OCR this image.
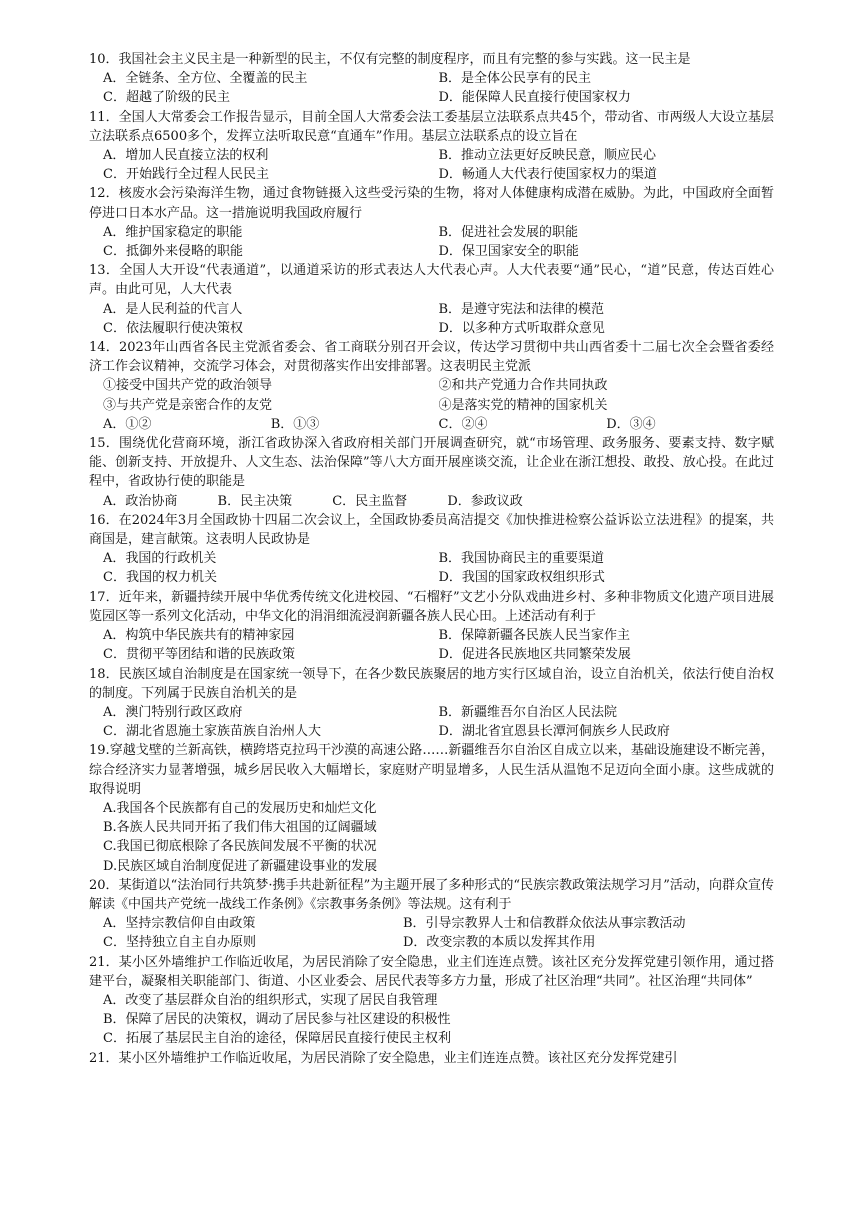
10．我国社会主义民主是一种新型的民主，不仅有完整的制度程序，而且有完整的参与实践。这一民主是
A．全链条、全方位、全覆盖的民主	B．是全体公民享有的民主
C．超越了阶级的民主	D．能保障人民直接行使国家权力
11．全国人大常委会工作报告显示，目前全国人大常委会法工委基层立法联系点共45个，带动省、市两级人大设立基层立法联系点6500多个，发挥立法听取民意“直通车”作用。基层立法联系点的设立旨在
A．增加人民直接立法的权利	B．推动立法更好反映民意，顺应民心
C．开始践行全过程人民民主	D．畅通人大代表行使国家权力的渠道
12．核废水会污染海洋生物，通过食物链摄入这些受污染的生物，将对人体健康构成潜在威胁。为此，中国政府全面暂停进口日本水产品。这一措施说明我国政府履行
A．维护国家稳定的职能	B．促进社会发展的职能
C．抵御外来侵略的职能	D．保卫国家安全的职能
13．全国人大开设“代表通道”，以通道采访的形式表达人大代表心声。人大代表要“通”民心，“道”民意，传达百姓心声。由此可见，人大代表
A．是人民利益的代言人	B．是遵守宪法和法律的模范
C．依法履职行使决策权	D．以多种方式听取群众意见
14．2023年山西省各民主党派省委会、省工商联分别召开会议，传达学习贯彻中共山西省委十二届七次全会暨省委经济工作会议精神，交流学习体会，对贯彻落实作出安排部署。这表明民主党派
①接受中国共产党的政治领导	②和共产党通力合作共同执政
③与共产党是亲密合作的友党	④是落实党的精神的国家机关
A．①②	B．①③	C．②④	D．③④
15．围绕优化营商环境，浙江省政协深入省政府相关部门开展调查研究，就“市场管理、政务服务、要素支持、数字赋能、创新支持、开放提升、人文生态、法治保障”等八大方面开展座谈交流，让企业在浙江想投、敢投、放心投。在此过程中，省政协行使的职能是
A．政治协商	B．民主决策	C．民主监督	D．参政议政
16．在2024年3月全国政协十四届二次会议上，全国政协委员高洁提交《加快推进检察公益诉讼立法进程》的提案，共商国是，建言献策。这表明人民政协是
A．我国的行政机关	B．我国协商民主的重要渠道
C．我国的权力机关	D．我国的国家政权组织形式
17．近年来，新疆持续开展中华优秀传统文化进校园、“石榴籽”文艺小分队戏曲进乡村、多种非物质文化遗产项目进展览园区等一系列文化活动，中华文化的涓涓细流浸润新疆各族人民心田。上述活动有利于
A．构筑中华民族共有的精神家园	B．保障新疆各民族人民当家作主
C．贯彻平等团结和谐的民族政策	D．促进各民族地区共同繁荣发展
18．民族区域自治制度是在国家统一领导下，在各少数民族聚居的地方实行区域自治，设立自治机关，依法行使自治权的制度。下列属于民族自治机关的是
A．澳门特别行政区政府	B．新疆维吾尔自治区人民法院
C．湖北省恩施土家族苗族自治州人大	D．湖北省宜恩县长潭河侗族乡人民政府
19.穿越戈壁的兰新高铁，横跨塔克拉玛干沙漠的高速公路……新疆维吾尔自治区自成立以来，基础设施建设不断完善，综合经济实力显著增强，城乡居民收入大幅增长，家庭财产明显增多，人民生活从温饱不足迈向全面小康。这些成就的取得说明
A.我国各个民族都有自己的发展历史和灿烂文化
B.各族人民共同开拓了我们伟大祖国的辽阔疆域
C.我国已彻底根除了各民族间发展不平衡的状况
D.民族区域自治制度促进了新疆建设事业的发展
20．某街道以“法治同行共筑梦·携手共赴新征程”为主题开展了多种形式的“民族宗教政策法规学习月”活动，向群众宣传解读《中国共产党统一战线工作条例》《宗教事务条例》等法规。这有利于
A．坚持宗教信仰自由政策	B．引导宗教界人士和信教群众依法从事宗教活动
C．坚持独立自主自办原则	D．改变宗教的本质以发挥其作用
21．某小区外墙维护工作临近收尾，为居民消除了安全隐患，业主们连连点赞。该社区充分发挥党建引领作用，通过搭建平台，凝聚相关职能部门、街道、小区业委会、居民代表等多方力量，形成了社区治理“共同”。社区治理“共同体”
A．改变了基层群众自治的组织形式，实现了居民自我管理
B．保障了居民的决策权，调动了居民参与社区建设的积极性
C．拓展了基层民主自治的途径，保障居民直接行使民主权利
21．某小区外墙维护工作临近收尾，为居民消除了安全隐患，业主们连连点赞。该社区充分发挥党建引
